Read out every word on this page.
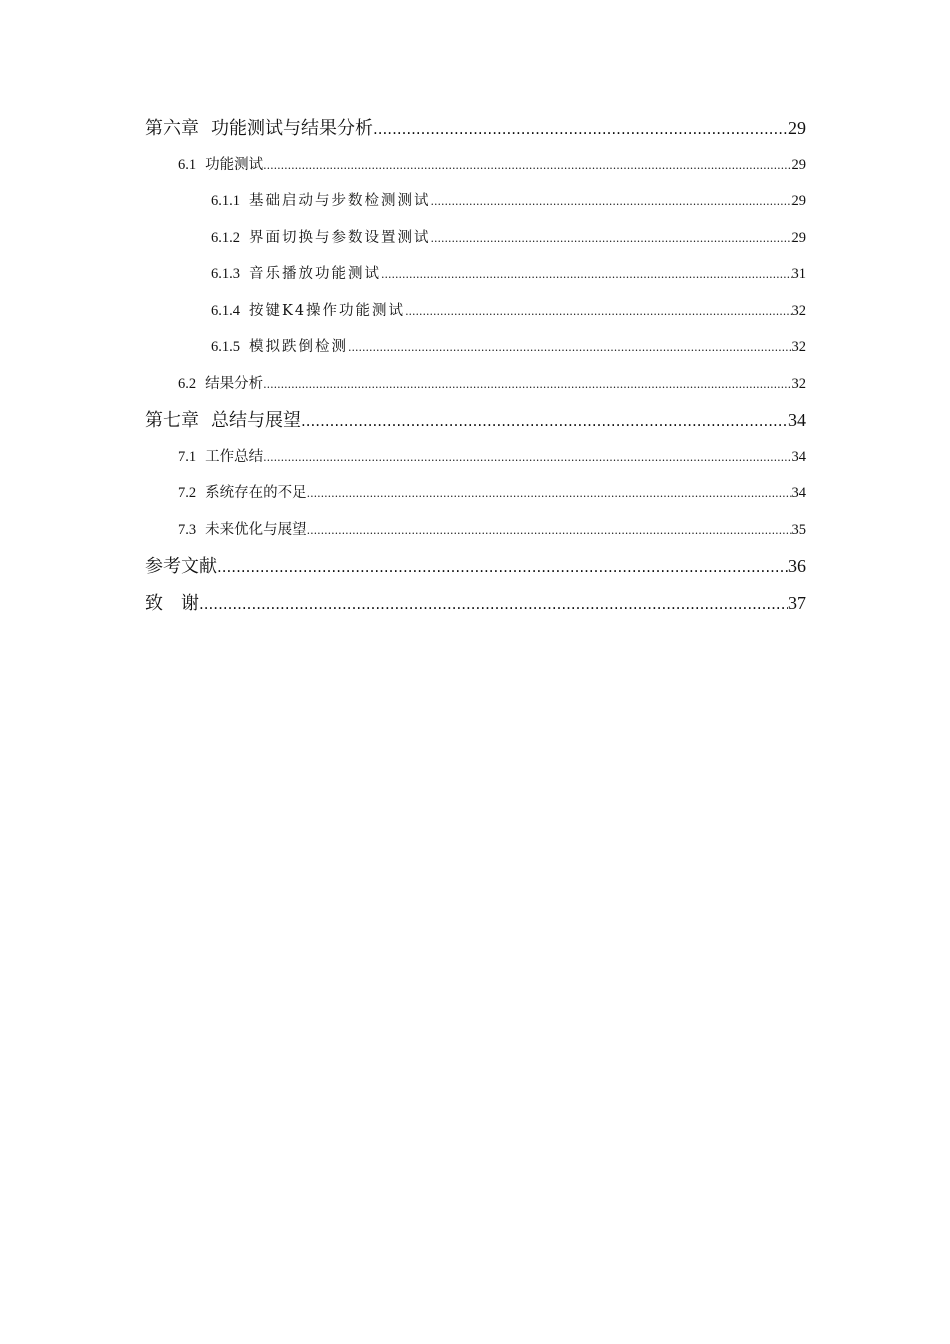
第六章 功能测试与结果分析 .....	29
6.1 功能测试 .....	29
6.1.1 基础启动与步数检测测试 .....	29
6.1.2 界面切换与参数设置测试 .....	29
6.1.3 音乐播放功能测试 .....	31
6.1.4 按键K4操作功能测试 .....	32
6.1.5 模拟跌倒检测 .....	32
6.2 结果分析 .....	32
第七章 总结与展望 .....	34
7.1 工作总结 .....	34
7.2 系统存在的不足 .....	34
7.3 未来优化与展望 .....	35
参考文献 .....	36
致　谢 .....	37
